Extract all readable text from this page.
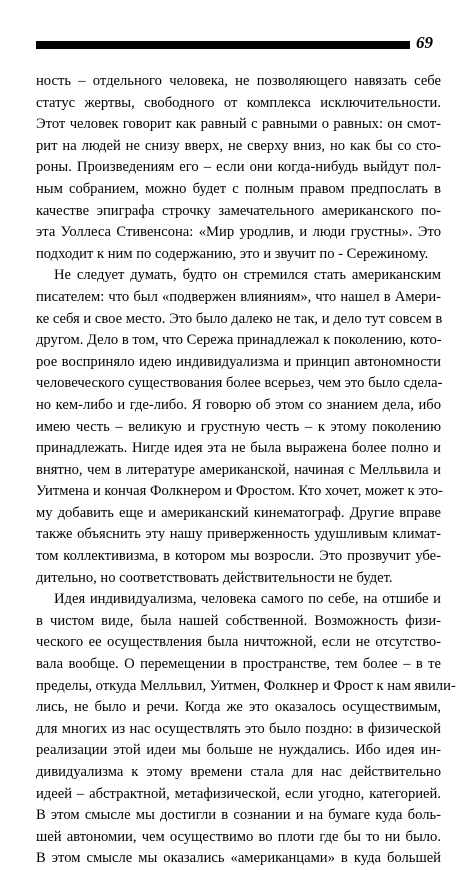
69
ность – отдельного человека, не позволяющего навязать себе
статус жертвы, свободного от комплекса исключительности.
Этот человек говорит как равный с равными о равных: он смот-
рит на людей не снизу вверх, не сверху вниз, но как бы со сто-
роны. Произведениям его – если они когда-нибудь выйдут пол-
ным собранием, можно будет с полным правом предпослать в
качестве эпиграфа строчку замечательного американского по-
эта Уоллеса Стивенсона: «Мир уродлив, и люди грустны». Это
подходит к ним по содержанию, это и звучит по - Сережиному.
Не следует думать, будто он стремился стать американским
писателем: что был «подвержен влияниям», что нашел в Амери-
ке себя и свое место. Это было далеко не так, и дело тут совсем в
другом. Дело в том, что Сережа принадлежал к поколению, кото-
рое восприняло идею индивидуализма и принцип автономности
человеческого существования более всерьез, чем это было сдела-
но кем-либо и где-либо. Я говорю об этом со знанием дела, ибо
имею честь – великую и грустную честь – к этому поколению
принадлежать. Нигде идея эта не была выражена более полно и
внятно, чем в литературе американской, начиная с Мелльвила и
Уитмена и кончая Фолкнером и Фростом. Кто хочет, может к это-
му добавить еще и американский кинематограф. Другие вправе
также объяснить эту нашу приверженность удушливым климат-
том коллективизма, в котором мы возросли. Это прозвучит убе-
дительно, но соответствовать действительности не будет.
Идея индивидуализма, человека самого по себе, на отшибе и
в чистом виде, была нашей собственной. Возможность физи-
ческого ее осуществления была ничтожной, если не отсутство-
вала вообще. О перемещении в пространстве, тем более – в те
пределы, откуда Мелльвил, Уитмен, Фолкнер и Фрост к нам явили-
лись, не было и речи. Когда же это оказалось осуществимым,
для многих из нас осуществлять это было поздно: в физической
реализации этой идеи мы больше не нуждались. Ибо идея ин-
дивидуализма к этому времени стала для нас действительно
идеей – абстрактной, метафизической, если угодно, категорией.
В этом смысле мы достигли в сознании и на бумаге куда боль-
шей автономии, чем осуществимо во плоти где бы то ни было.
В этом смысле мы оказались «американцами» в куда большей
